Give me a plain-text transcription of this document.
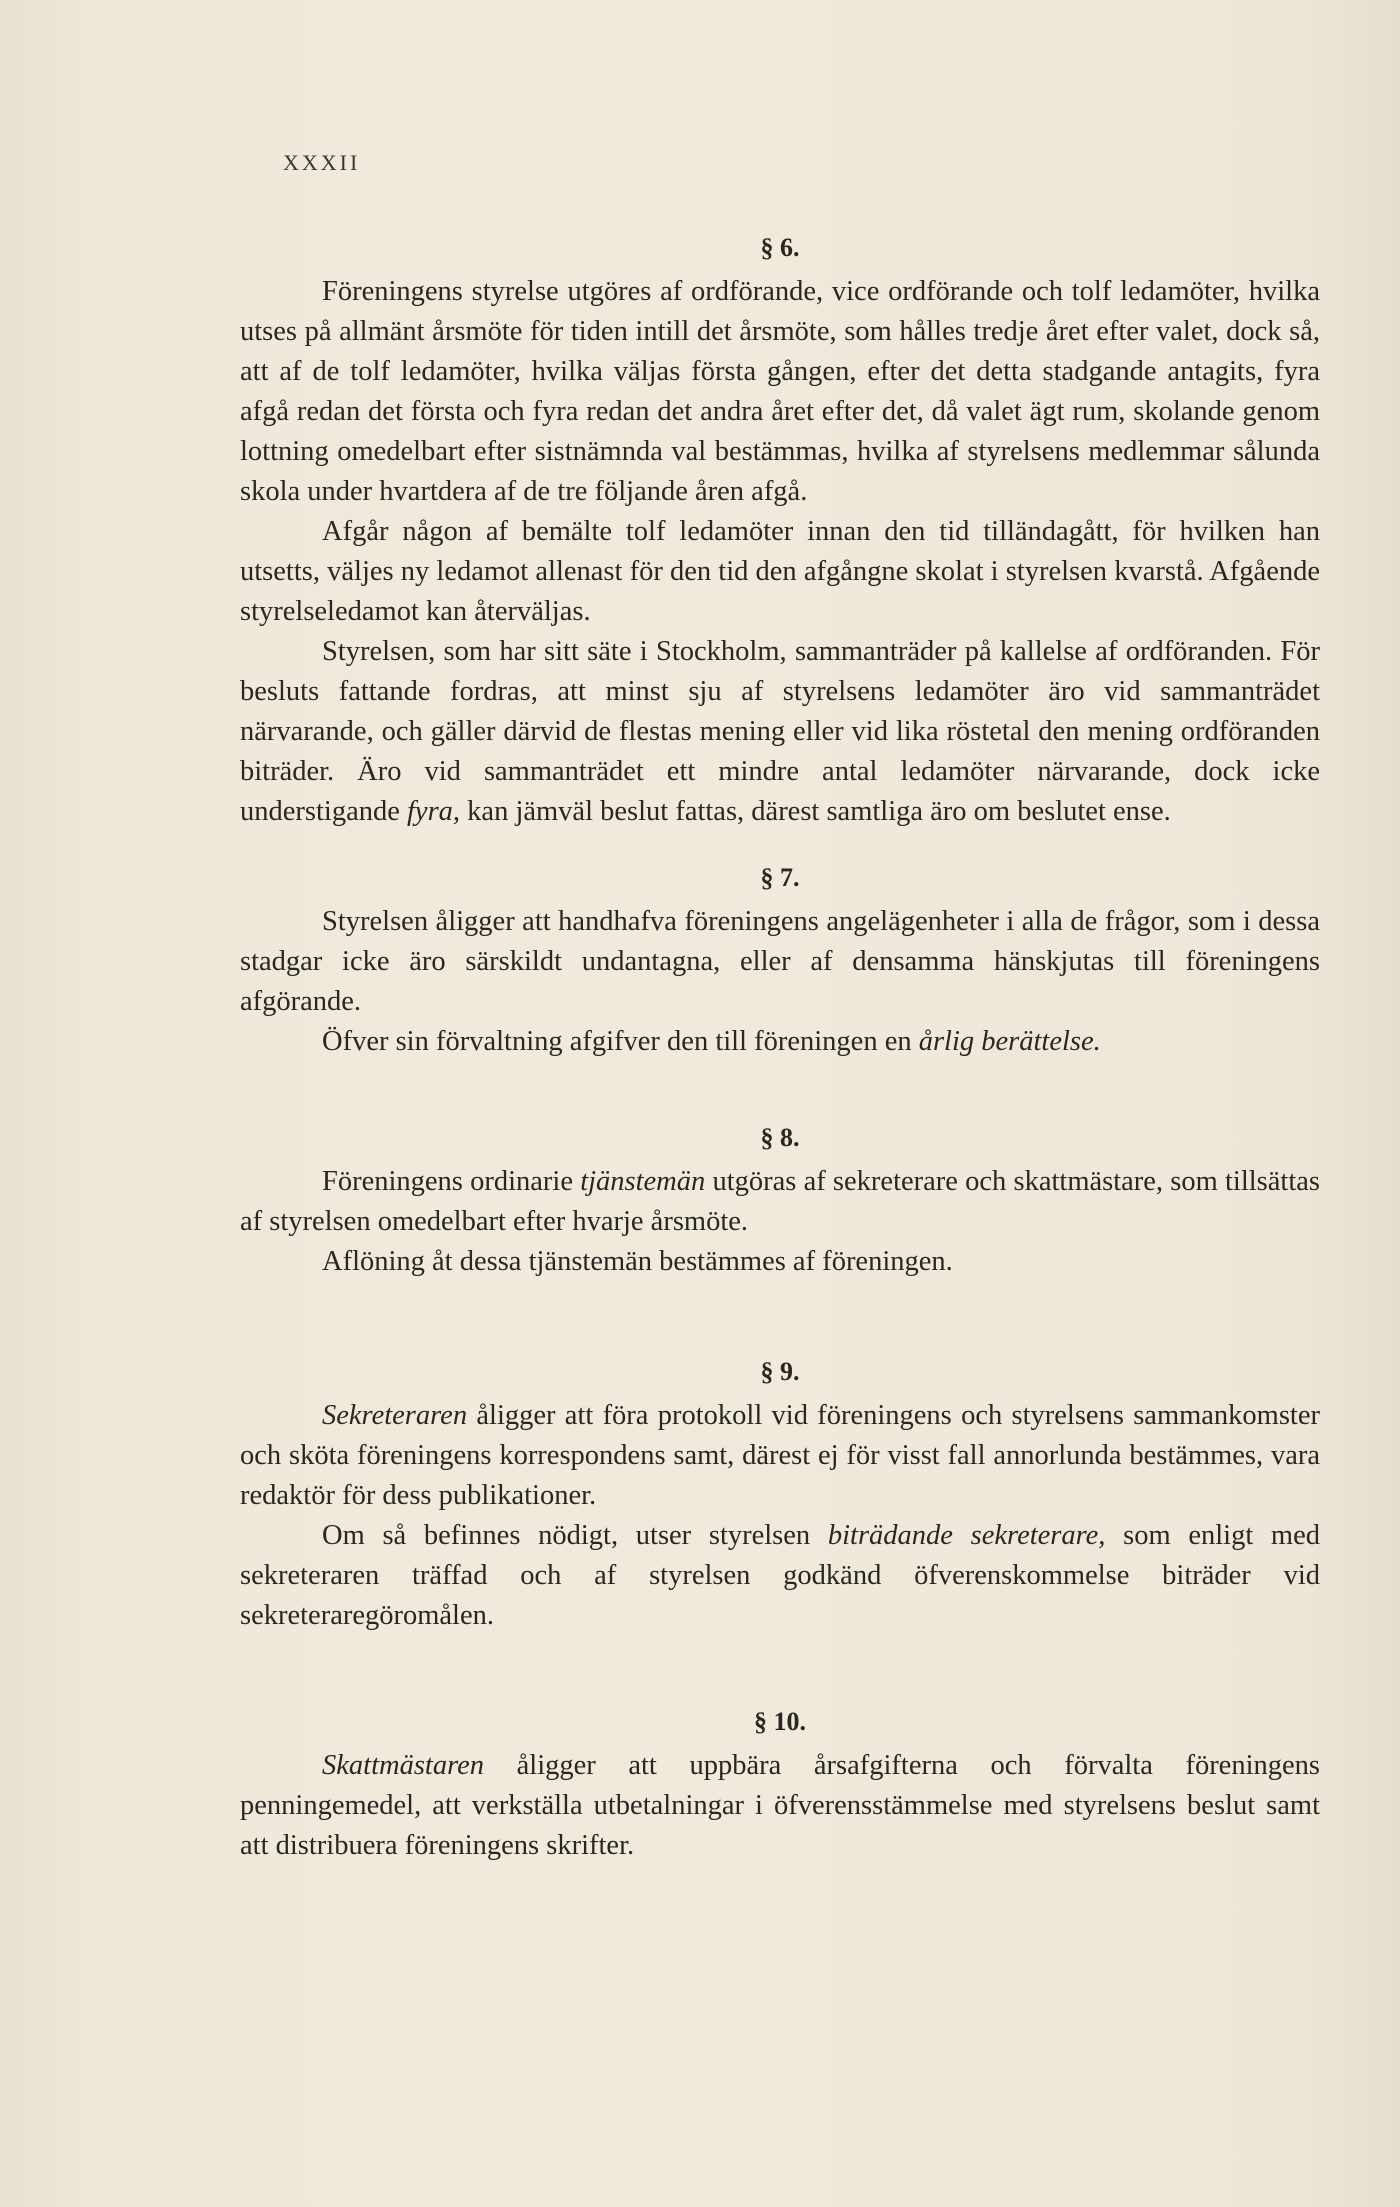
XXXII
§ 6.

Föreningens styrelse utgöres af ordförande, vice ordförande och tolf ledamöter, hvilka utses på allmänt årsmöte för tiden intill det årsmöte, som hålles tredje året efter valet, dock så, att af de tolf ledamöter, hvilka väljas första gången, efter det detta stadgande antagits, fyra afgå redan det första och fyra redan det andra året efter det, då valet ägt rum, skolande genom lottning omedelbart efter sistnämnda val bestämmas, hvilka af styrelsens medlemmar sålunda skola under hvartdera af de tre följande åren afgå.

Afgår någon af bemälte tolf ledamöter innan den tid tilländagått, för hvilken han utsetts, väljes ny ledamot allenast för den tid den afgångne skolat i styrelsen kvarstå. Afgående styrelseledamot kan återväljas.

Styrelsen, som har sitt säte i Stockholm, sammanträder på kallelse af ordföranden. För besluts fattande fordras, att minst sju af styrelsens ledamöter äro vid sammanträdet närvarande, och gäller därvid de flestas mening eller vid lika röstetal den mening ordföranden biträder. Äro vid sammanträdet ett mindre antal ledamöter närvarande, dock icke understigande fyra, kan jämväl beslut fattas, därest samtliga äro om beslutet ense.

§ 7.

Styrelsen åligger att handhafva föreningens angelägenheter i alla de frågor, som i dessa stadgar icke äro särskildt undantagna, eller af densamma hänskjutas till föreningens afgörande.

Öfver sin förvaltning afgifver den till föreningen en årlig berättelse.

§ 8.

Föreningens ordinarie tjänstemän utgöras af sekreterare och skattmästare, som tillsättas af styrelsen omedelbart efter hvarje årsmöte.

Aflöning åt dessa tjänstemän bestämmes af föreningen.

§ 9.

Sekreteraren åligger att föra protokoll vid föreningens och styrelsens sammankomster och sköta föreningens korrespondens samt, därest ej för visst fall annorlunda bestämmes, vara redaktör för dess publikationer.

Om så befinnes nödigt, utser styrelsen biträdande sekreterare, som enligt med sekreteraren träffad och af styrelsen godkänd öfverenskommelse biträder vid sekreteraregöromålen.

§ 10.

Skattmästaren åligger att uppbära årsafgifterna och förvalta föreningens penningemedel, att verkställa utbetalningar i öfverensstämmelse med styrelsens beslut samt att distribuera föreningens skrifter.
